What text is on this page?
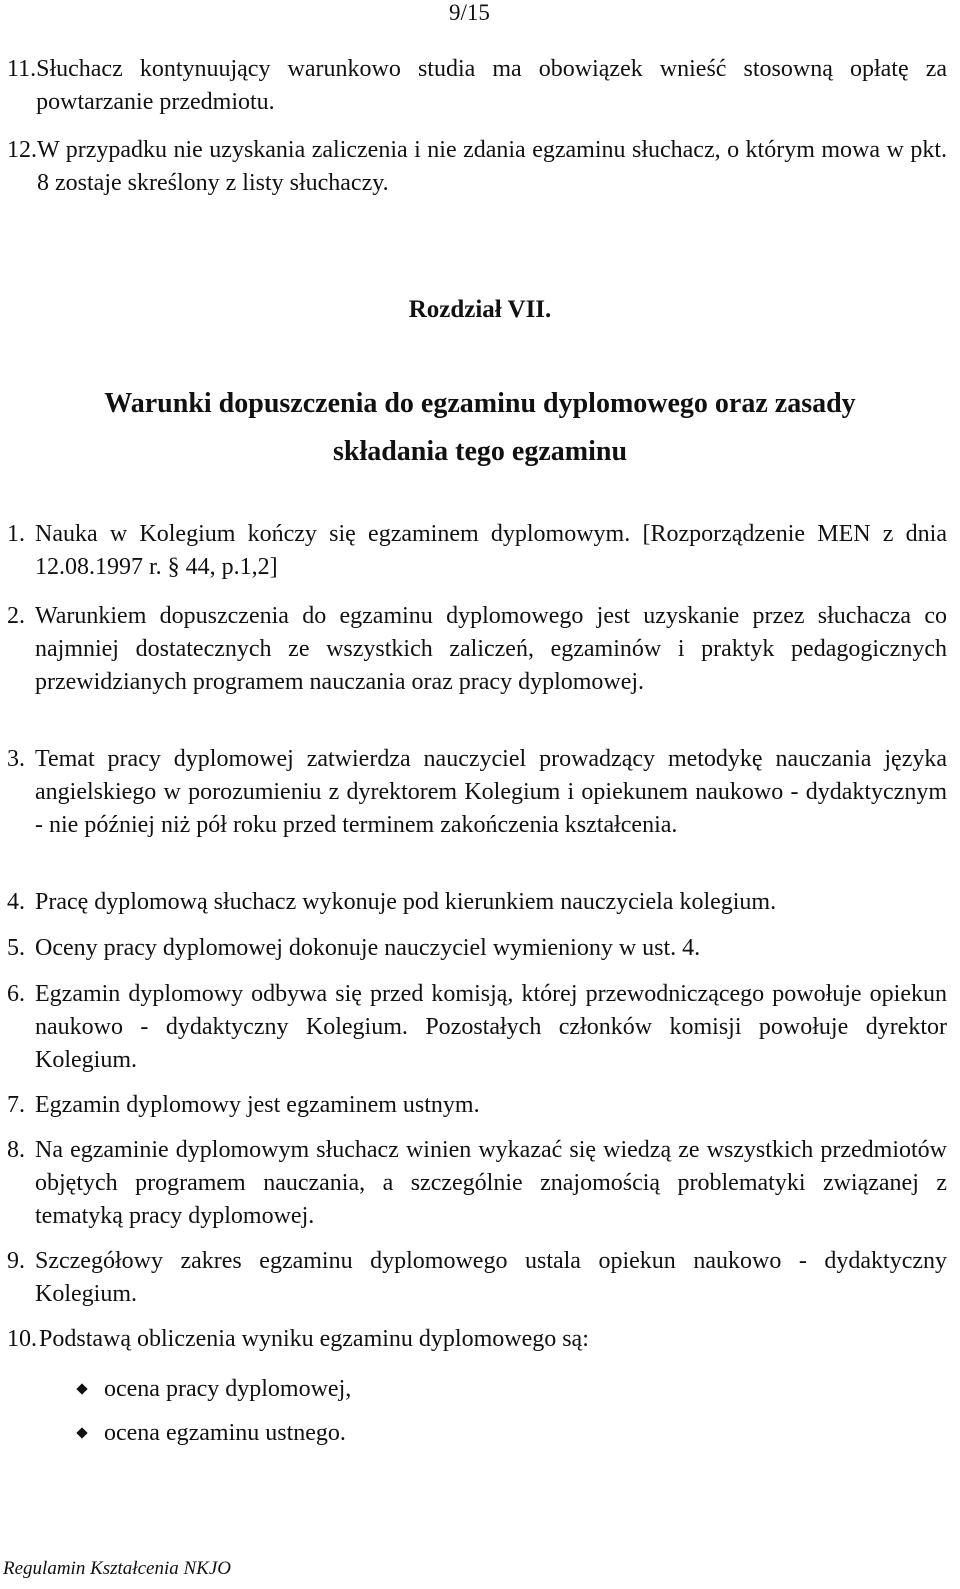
9/15
11. Słuchacz kontynuujący warunkowo studia ma obowiązek wnieść stosowną opłatę za powtarzanie przedmiotu.
12. W przypadku nie uzyskania zaliczenia i nie zdania egzaminu słuchacz, o którym mowa w pkt. 8 zostaje skreślony z listy słuchaczy.
Rozdział VII.
Warunki dopuszczenia do egzaminu dyplomowego oraz zasady
składania tego egzaminu
1. Nauka w Kolegium kończy się egzaminem dyplomowym. [Rozporządzenie MEN z dnia 12.08.1997 r. § 44, p.1,2]
2. Warunkiem dopuszczenia do egzaminu dyplomowego jest uzyskanie przez słuchacza co najmniej dostatecznych ze wszystkich zaliczeń, egzaminów i praktyk pedagogicznych przewidzianych programem nauczania oraz pracy dyplomowej.
3. Temat pracy dyplomowej zatwierdza nauczyciel prowadzący metodykę nauczania języka angielskiego w porozumieniu z dyrektorem Kolegium i opiekunem naukowo - dydaktycznym - nie później niż pół roku przed terminem zakończenia kształcenia.
4. Pracę dyplomową słuchacz wykonuje pod kierunkiem nauczyciela kolegium.
5. Oceny pracy dyplomowej dokonuje nauczyciel wymieniony w ust. 4.
6. Egzamin dyplomowy odbywa się przed komisją, której przewodniczącego powołuje opiekun naukowo - dydaktyczny Kolegium. Pozostałych członków komisji powołuje dyrektor Kolegium.
7. Egzamin dyplomowy jest egzaminem ustnym.
8. Na egzaminie dyplomowym słuchacz winien wykazać się wiedzą ze wszystkich przedmiotów objętych programem nauczania, a szczególnie znajomością problematyki związanej z tematyką pracy dyplomowej.
9. Szczegółowy zakres egzaminu dyplomowego ustala opiekun naukowo - dydaktyczny Kolegium.
10. Podstawą obliczenia wyniku egzaminu dyplomowego są:
ocena pracy dyplomowej,
ocena egzaminu ustnego.
Regulamin Kształcenia NKJO
